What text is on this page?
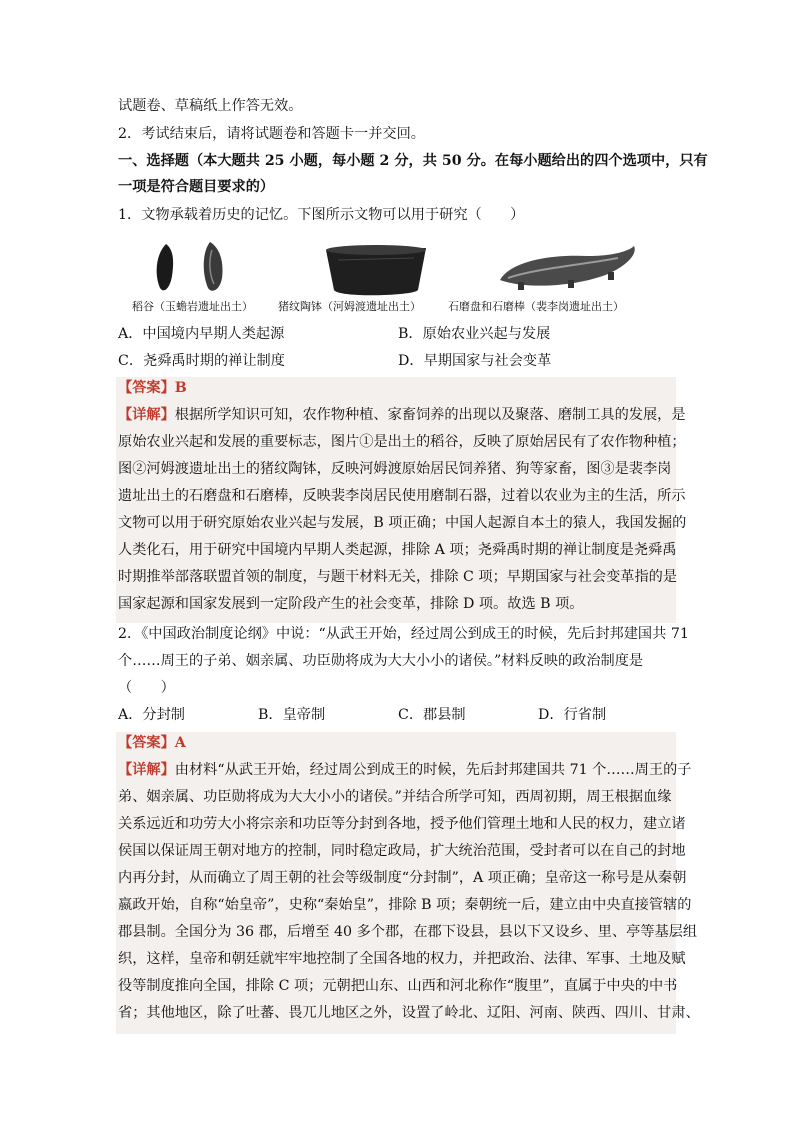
试题卷、草稿纸上作答无效。
2．考试结束后，请将试题卷和答题卡一并交回。
一、选择题（本大题共 25 小题，每小题 2 分，共 50 分。在每小题给出的四个选项中，只有
一项是符合题目要求的）
1．文物承载着历史的记忆。下图所示文物可以用于研究（　　）
稻谷（玉蟾岩遗址出土） 猪纹陶钵（河姆渡遗址出土） 石磨盘和石磨棒（裴李岗遗址出土）
A．中国境内早期人类起源	B．原始农业兴起与发展
C．尧舜禹时期的禅让制度	D．早期国家与社会变革
【答案】B
【详解】根据所学知识可知，农作物种植、家畜饲养的出现以及聚落、磨制工具的发展，是
原始农业兴起和发展的重要标志，图片①是出土的稻谷，反映了原始居民有了农作物种植；
图②河姆渡遗址出土的猪纹陶钵，反映河姆渡原始居民饲养猪、狗等家畜，图③是裴李岗
遗址出土的石磨盘和石磨棒，反映裴李岗居民使用磨制石器，过着以农业为主的生活，所示
文物可以用于研究原始农业兴起与发展，B 项正确；中国人起源自本土的猿人，我国发掘的
人类化石，用于研究中国境内早期人类起源，排除 A 项；尧舜禹时期的禅让制度是尧舜禹
时期推举部落联盟首领的制度，与题干材料无关，排除 C 项；早期国家与社会变革指的是
国家起源和国家发展到一定阶段产生的社会变革，排除 D 项。故选 B 项。
2．《中国政治制度论纲》中说：“从武王开始，经过周公到成王的时候，先后封邦建国共 71
个……周王的子弟、姻亲属、功臣勋将成为大大小小的诸侯。”材料反映的政治制度是
（　　）
A．分封制	B．皇帝制	C．郡县制	D．行省制
【答案】A
【详解】由材料“从武王开始，经过周公到成王的时候，先后封邦建国共 71 个……周王的子
弟、姻亲属、功臣勋将成为大大小小的诸侯。”并结合所学可知，西周初期，周王根据血缘
关系远近和功劳大小将宗亲和功臣等分封到各地，授予他们管理土地和人民的权力，建立诸
侯国以保证周王朝对地方的控制，同时稳定政局，扩大统治范围，受封者可以在自己的封地
内再分封，从而确立了周王朝的社会等级制度“分封制”，A 项正确；皇帝这一称号是从秦朝
嬴政开始，自称“始皇帝”，史称“秦始皇”，排除 B 项；秦朝统一后，建立由中央直接管辖的
郡县制。全国分为 36 郡，后增至 40 多个郡，在郡下设县，县以下又设乡、里、亭等基层组
织，这样，皇帝和朝廷就牢牢地控制了全国各地的权力，并把政治、法律、军事、土地及赋
役等制度推向全国，排除 C 项；元朝把山东、山西和河北称作“腹里”，直属于中央的中书
省；其他地区，除了吐蕃、畏兀儿地区之外，设置了岭北、辽阳、河南、陕西、四川、甘肃、
